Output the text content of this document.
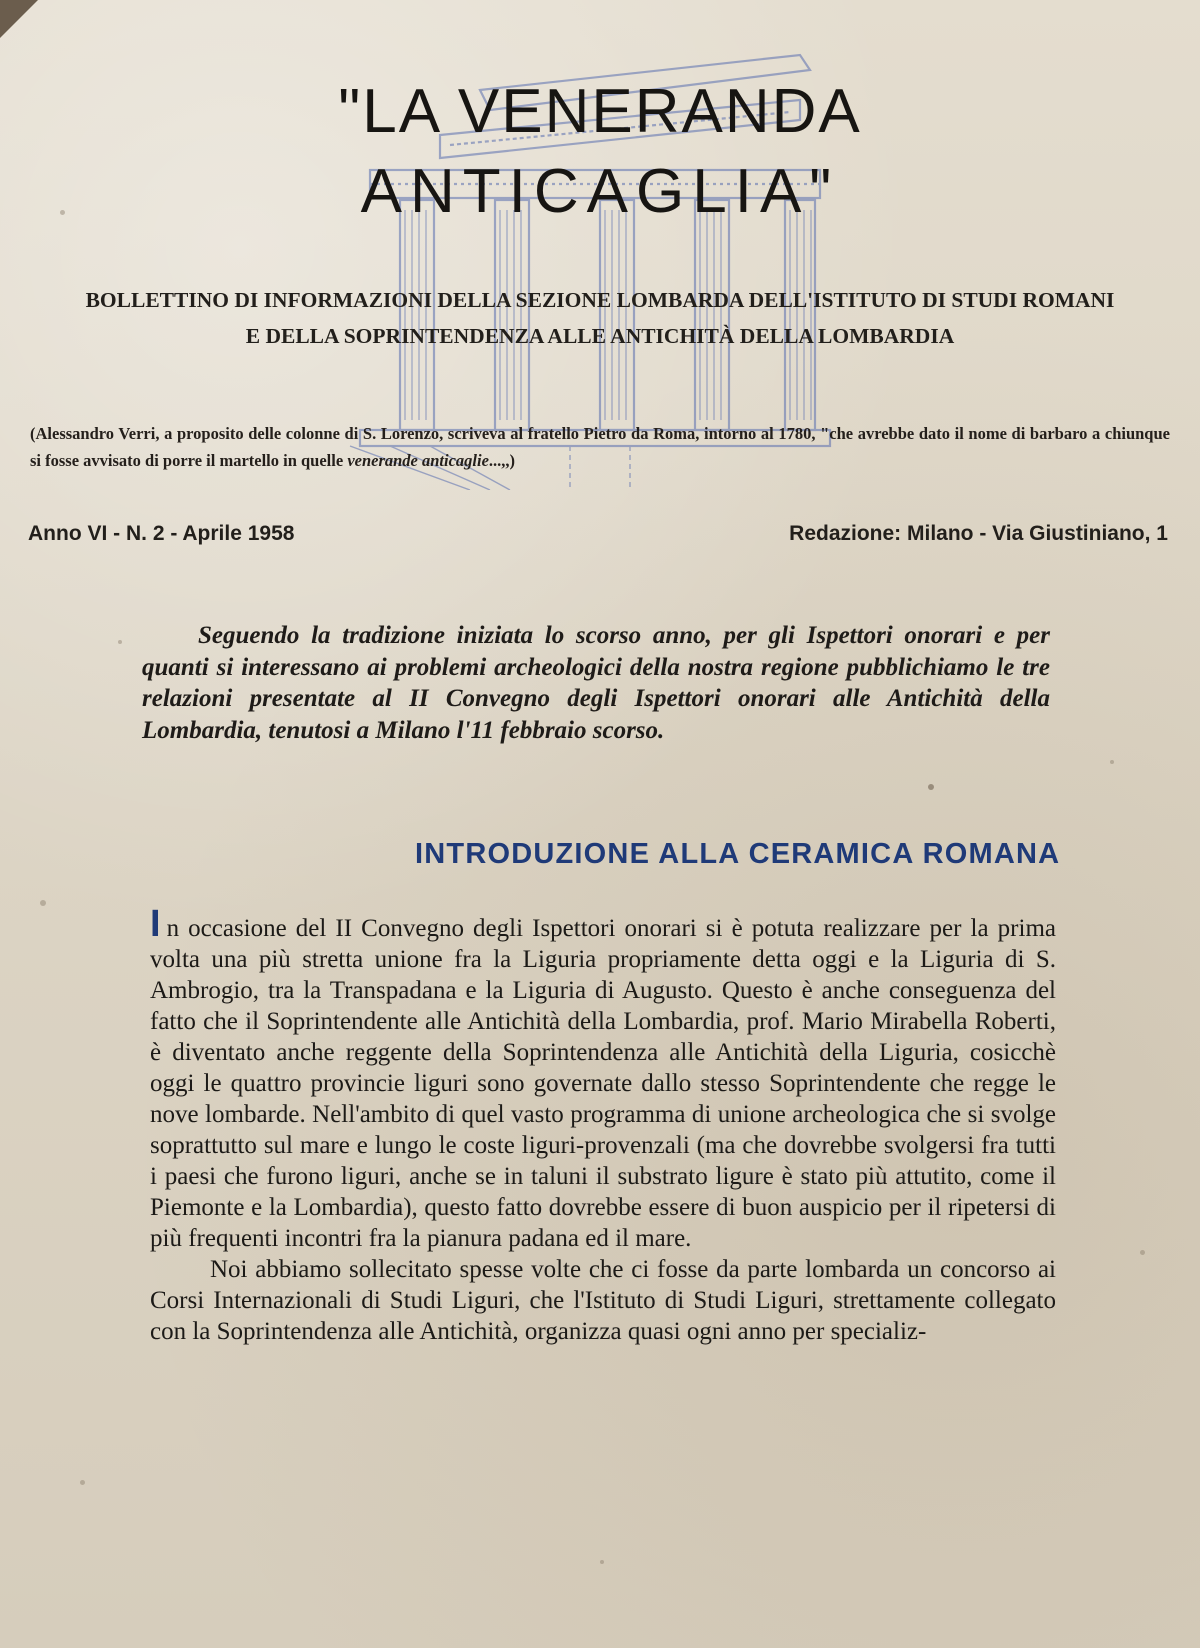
"LA VENERANDA
ANTICAGLIA"
BOLLETTINO DI INFORMAZIONI DELLA SEZIONE LOMBARDA DELL'ISTITUTO DI STUDI ROMANI
E DELLA SOPRINTENDENZA ALLE ANTICHITÀ DELLA LOMBARDIA
(Alessandro Verri, a proposito delle colonne di S. Lorenzo, scriveva al fratello Pietro da Roma, intorno al 1780, "che avrebbe dato il nome di barbaro a chiunque si fosse avvisato di porre il martello in quelle venerande anticaglie...,,)
Anno VI - N. 2 - Aprile 1958	Redazione: Milano - Via Giustiniano, 1
Seguendo la tradizione iniziata lo scorso anno, per gli Ispettori onorari e per quanti si interessano ai problemi archeologici della nostra regione pubblichiamo le tre relazioni presentate al II Convegno degli Ispettori onorari alle Antichità della Lombardia, tenutosi a Milano l'11 febbraio scorso.
INTRODUZIONE ALLA CERAMICA ROMANA

In occasione del II Convegno degli Ispettori onorari si è potuta realizzare per la prima volta una più stretta unione fra la Liguria propriamente detta oggi e la Liguria di S. Ambrogio, tra la Transpadana e la Liguria di Augusto. Questo è anche conseguenza del fatto che il Soprintendente alle Antichità della Lombardia, prof. Mario Mirabella Roberti, è diventato anche reggente della Soprintendenza alle Antichità della Liguria, cosicchè oggi le quattro provincie liguri sono governate dallo stesso Soprintendente che regge le nove lombarde. Nell'ambito di quel vasto programma di unione archeologica che si svolge soprattutto sul mare e lungo le coste liguri-provenzali (ma che dovrebbe svolgersi fra tutti i paesi che furono liguri, anche se in taluni il substrato ligure è stato più attutito, come il Piemonte e la Lombardia), questo fatto dovrebbe essere di buon auspicio per il ripetersi di più frequenti incontri fra la pianura padana ed il mare.

Noi abbiamo sollecitato spesse volte che ci fosse da parte lombarda un concorso ai Corsi Internazionali di Studi Liguri, che l'Istituto di Studi Liguri, strettamente collegato con la Soprintendenza alle Antichità, organizza quasi ogni anno per specializ-
